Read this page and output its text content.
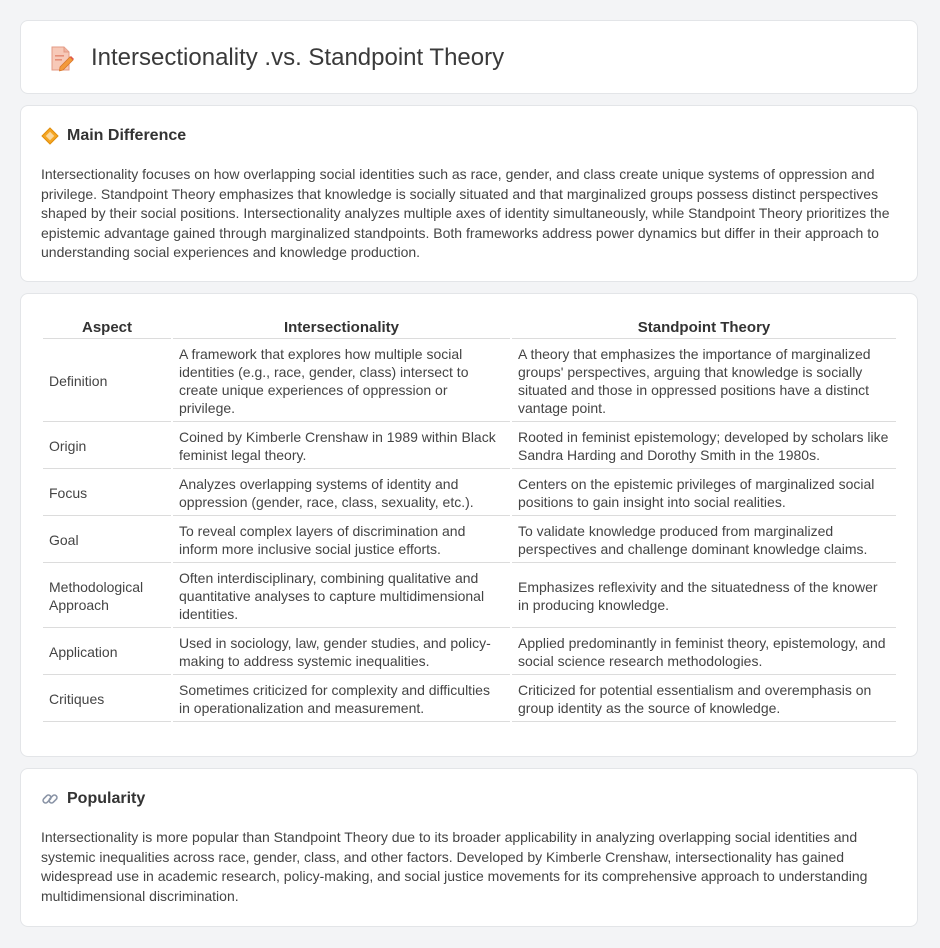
Intersectionality .vs. Standpoint Theory
Main Difference

Intersectionality focuses on how overlapping social identities such as race, gender, and class create unique systems of oppression and privilege. Standpoint Theory emphasizes that knowledge is socially situated and that marginalized groups possess distinct perspectives shaped by their social positions. Intersectionality analyzes multiple axes of identity simultaneously, while Standpoint Theory prioritizes the epistemic advantage gained through marginalized standpoints. Both frameworks address power dynamics but differ in their approach to understanding social experiences and knowledge production.

Aspect	Intersectionality	Standpoint Theory
Definition	A framework that explores how multiple social identities (e.g., race, gender, class) intersect to create unique experiences of oppression or privilege.	A theory that emphasizes the importance of marginalized groups' perspectives, arguing that knowledge is socially situated and those in oppressed positions have a distinct vantage point.
Origin	Coined by Kimberle Crenshaw in 1989 within Black feminist legal theory.	Rooted in feminist epistemology; developed by scholars like Sandra Harding and Dorothy Smith in the 1980s.
Focus	Analyzes overlapping systems of identity and oppression (gender, race, class, sexuality, etc.).	Centers on the epistemic privileges of marginalized social positions to gain insight into social realities.
Goal	To reveal complex layers of discrimination and inform more inclusive social justice efforts.	To validate knowledge produced from marginalized perspectives and challenge dominant knowledge claims.
Methodological Approach	Often interdisciplinary, combining qualitative and quantitative analyses to capture multidimensional identities.	Emphasizes reflexivity and the situatedness of the knower in producing knowledge.
Application	Used in sociology, law, gender studies, and policy-making to address systemic inequalities.	Applied predominantly in feminist theory, epistemology, and social science research methodologies.
Critiques	Sometimes criticized for complexity and difficulties in operationalization and measurement.	Criticized for potential essentialism and overemphasis on group identity as the source of knowledge.
Popularity

Intersectionality is more popular than Standpoint Theory due to its broader applicability in analyzing overlapping social identities and systemic inequalities across race, gender, class, and other factors. Developed by Kimberle Crenshaw, intersectionality has gained widespread use in academic research, policy-making, and social justice movements for its comprehensive approach to understanding multidimensional discrimination.
